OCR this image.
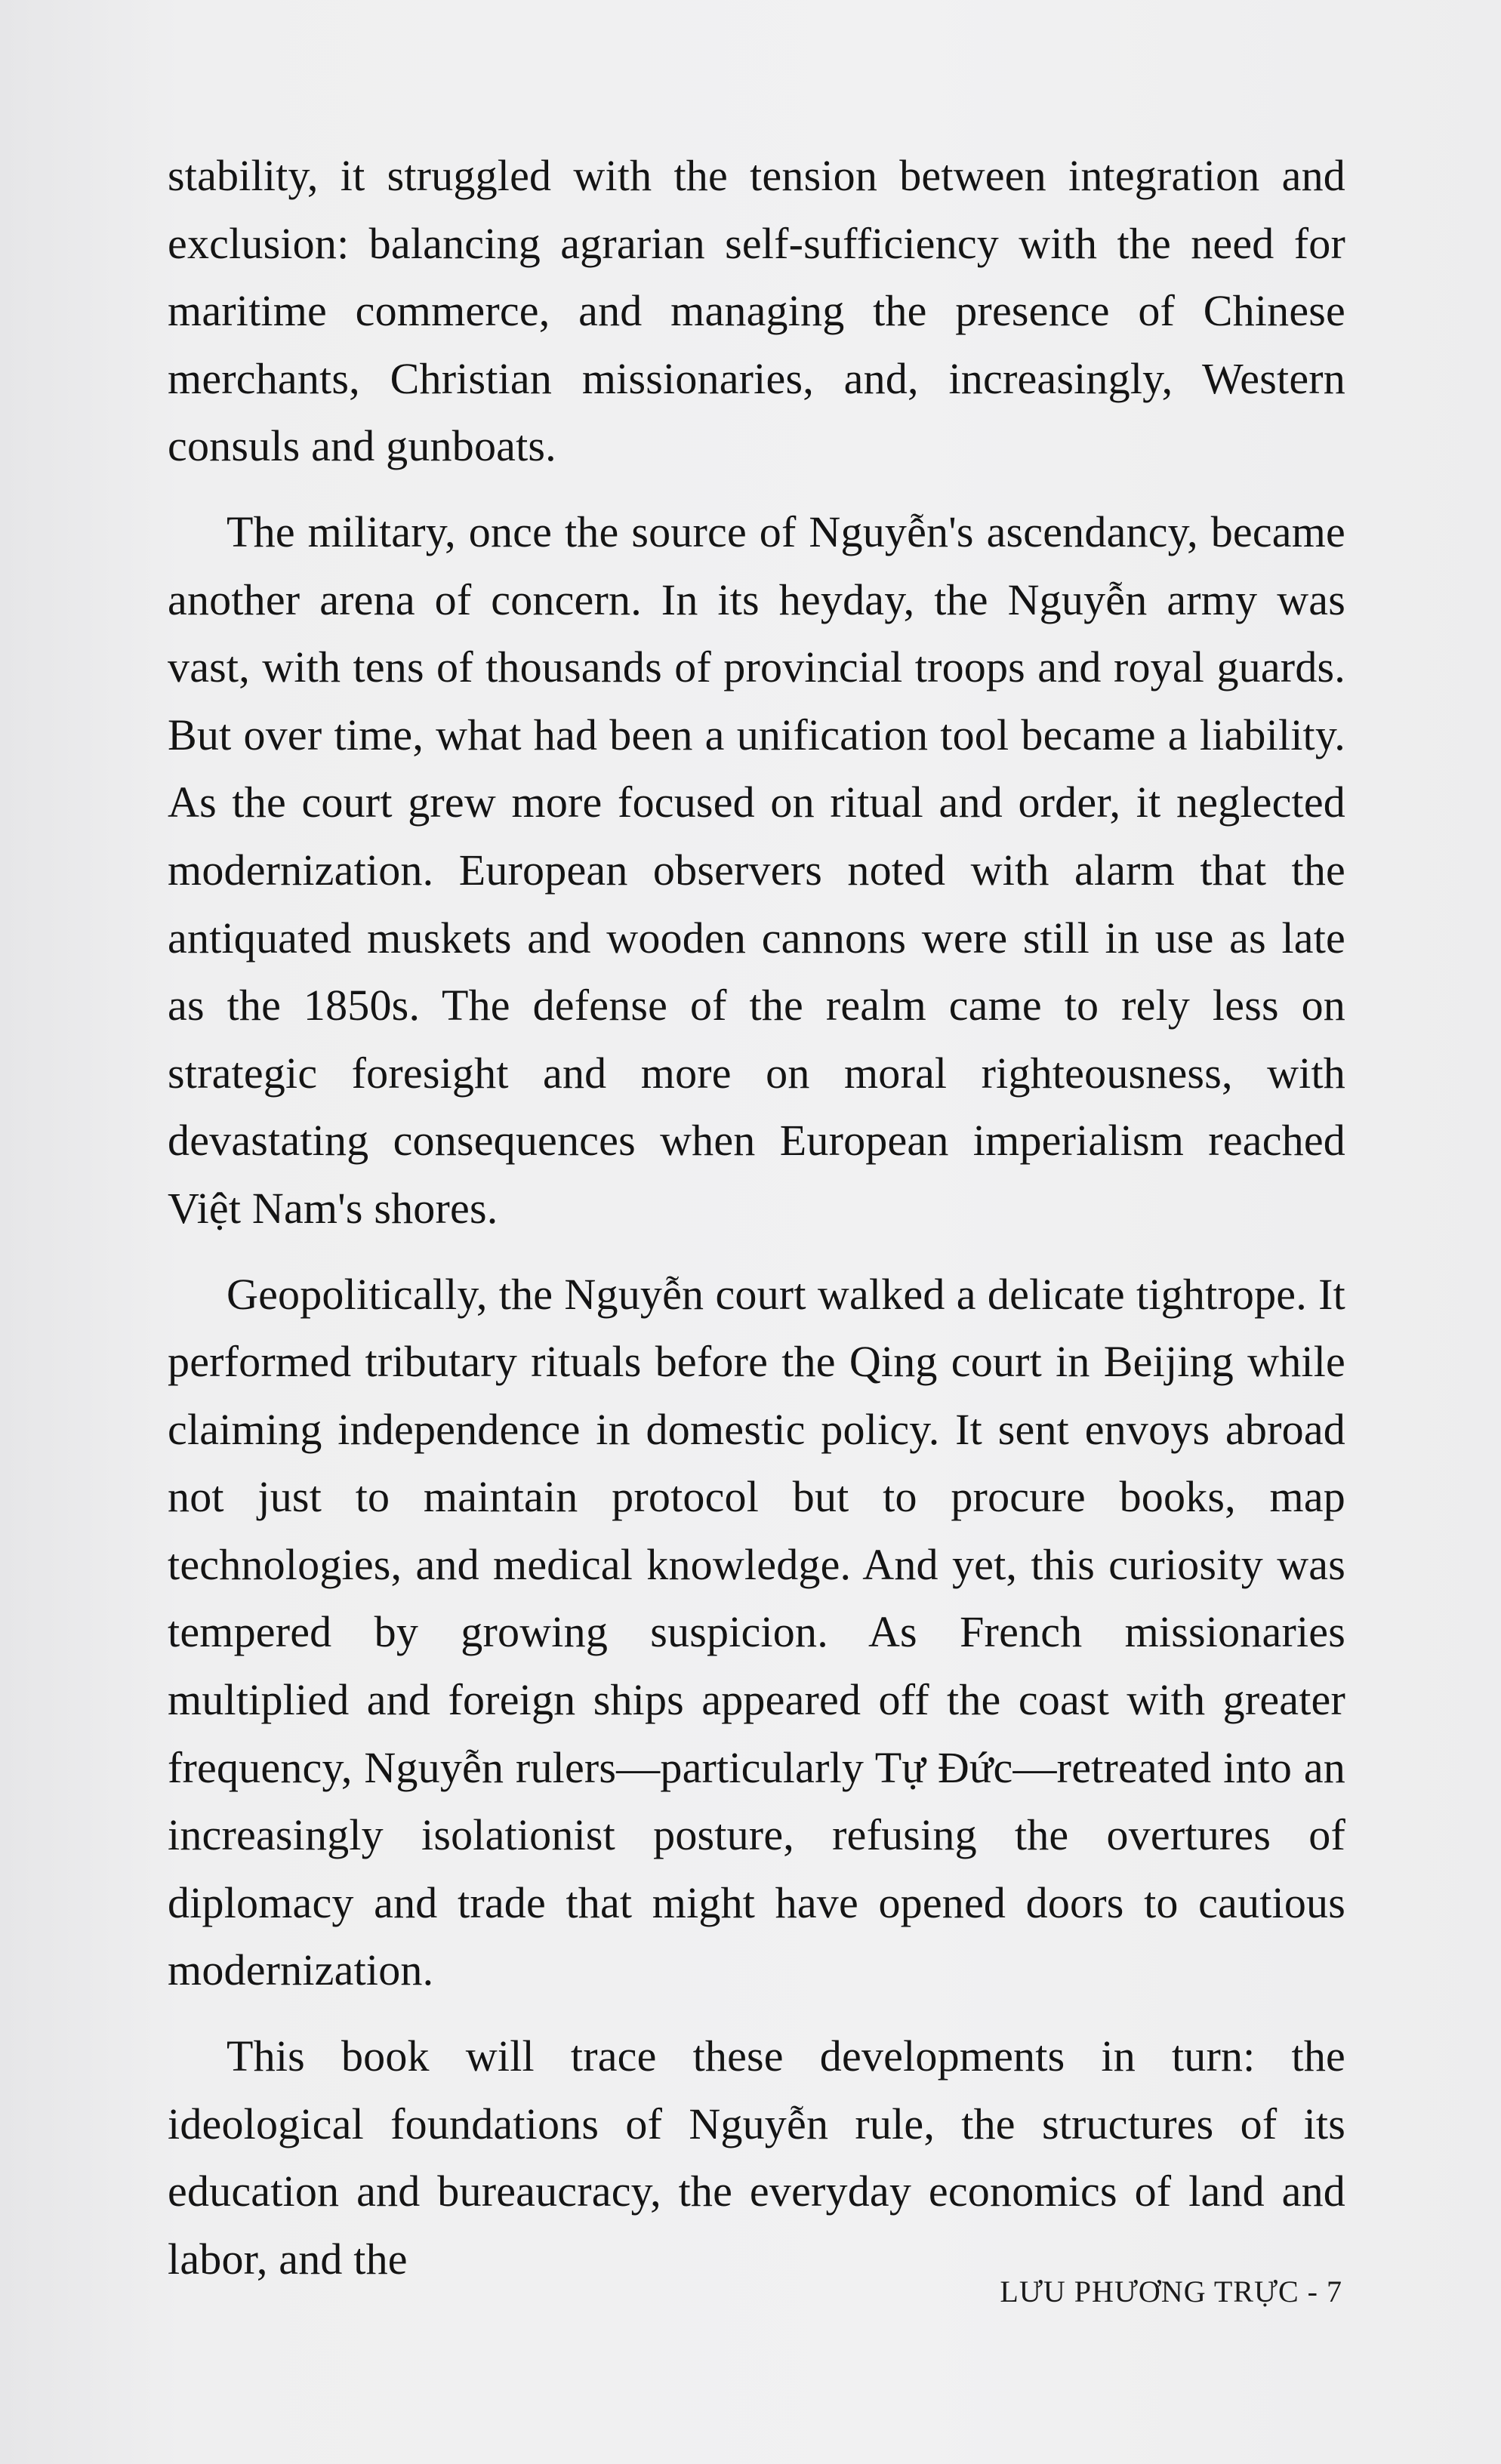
stability, it struggled with the tension between integration and exclusion: balancing agrarian self-sufficiency with the need for maritime commerce, and managing the presence of Chinese merchants, Christian missionaries, and, increasingly, Western consuls and gunboats.

The military, once the source of Nguyễn's ascendancy, became another arena of concern. In its heyday, the Nguyễn army was vast, with tens of thousands of provincial troops and royal guards. But over time, what had been a unification tool became a liability. As the court grew more focused on ritual and order, it neglected modernization. European observers noted with alarm that the antiquated muskets and wooden cannons were still in use as late as the 1850s. The defense of the realm came to rely less on strategic foresight and more on moral righteousness, with devastating consequences when European imperialism reached Việt Nam's shores.

Geopolitically, the Nguyễn court walked a delicate tightrope. It performed tributary rituals before the Qing court in Beijing while claiming independence in domestic policy. It sent envoys abroad not just to maintain protocol but to procure books, map technologies, and medical knowledge. And yet, this curiosity was tempered by growing suspicion. As French missionaries multiplied and foreign ships appeared off the coast with greater frequency, Nguyễn rulers—particularly Tự Đức—retreated into an increasingly isolationist posture, refusing the overtures of diplomacy and trade that might have opened doors to cautious modernization.

This book will trace these developments in turn: the ideological foundations of Nguyễn rule, the structures of its education and bureaucracy, the everyday economics of land and labor, and the

LƯU PHƯƠNG TRỰC - 7
